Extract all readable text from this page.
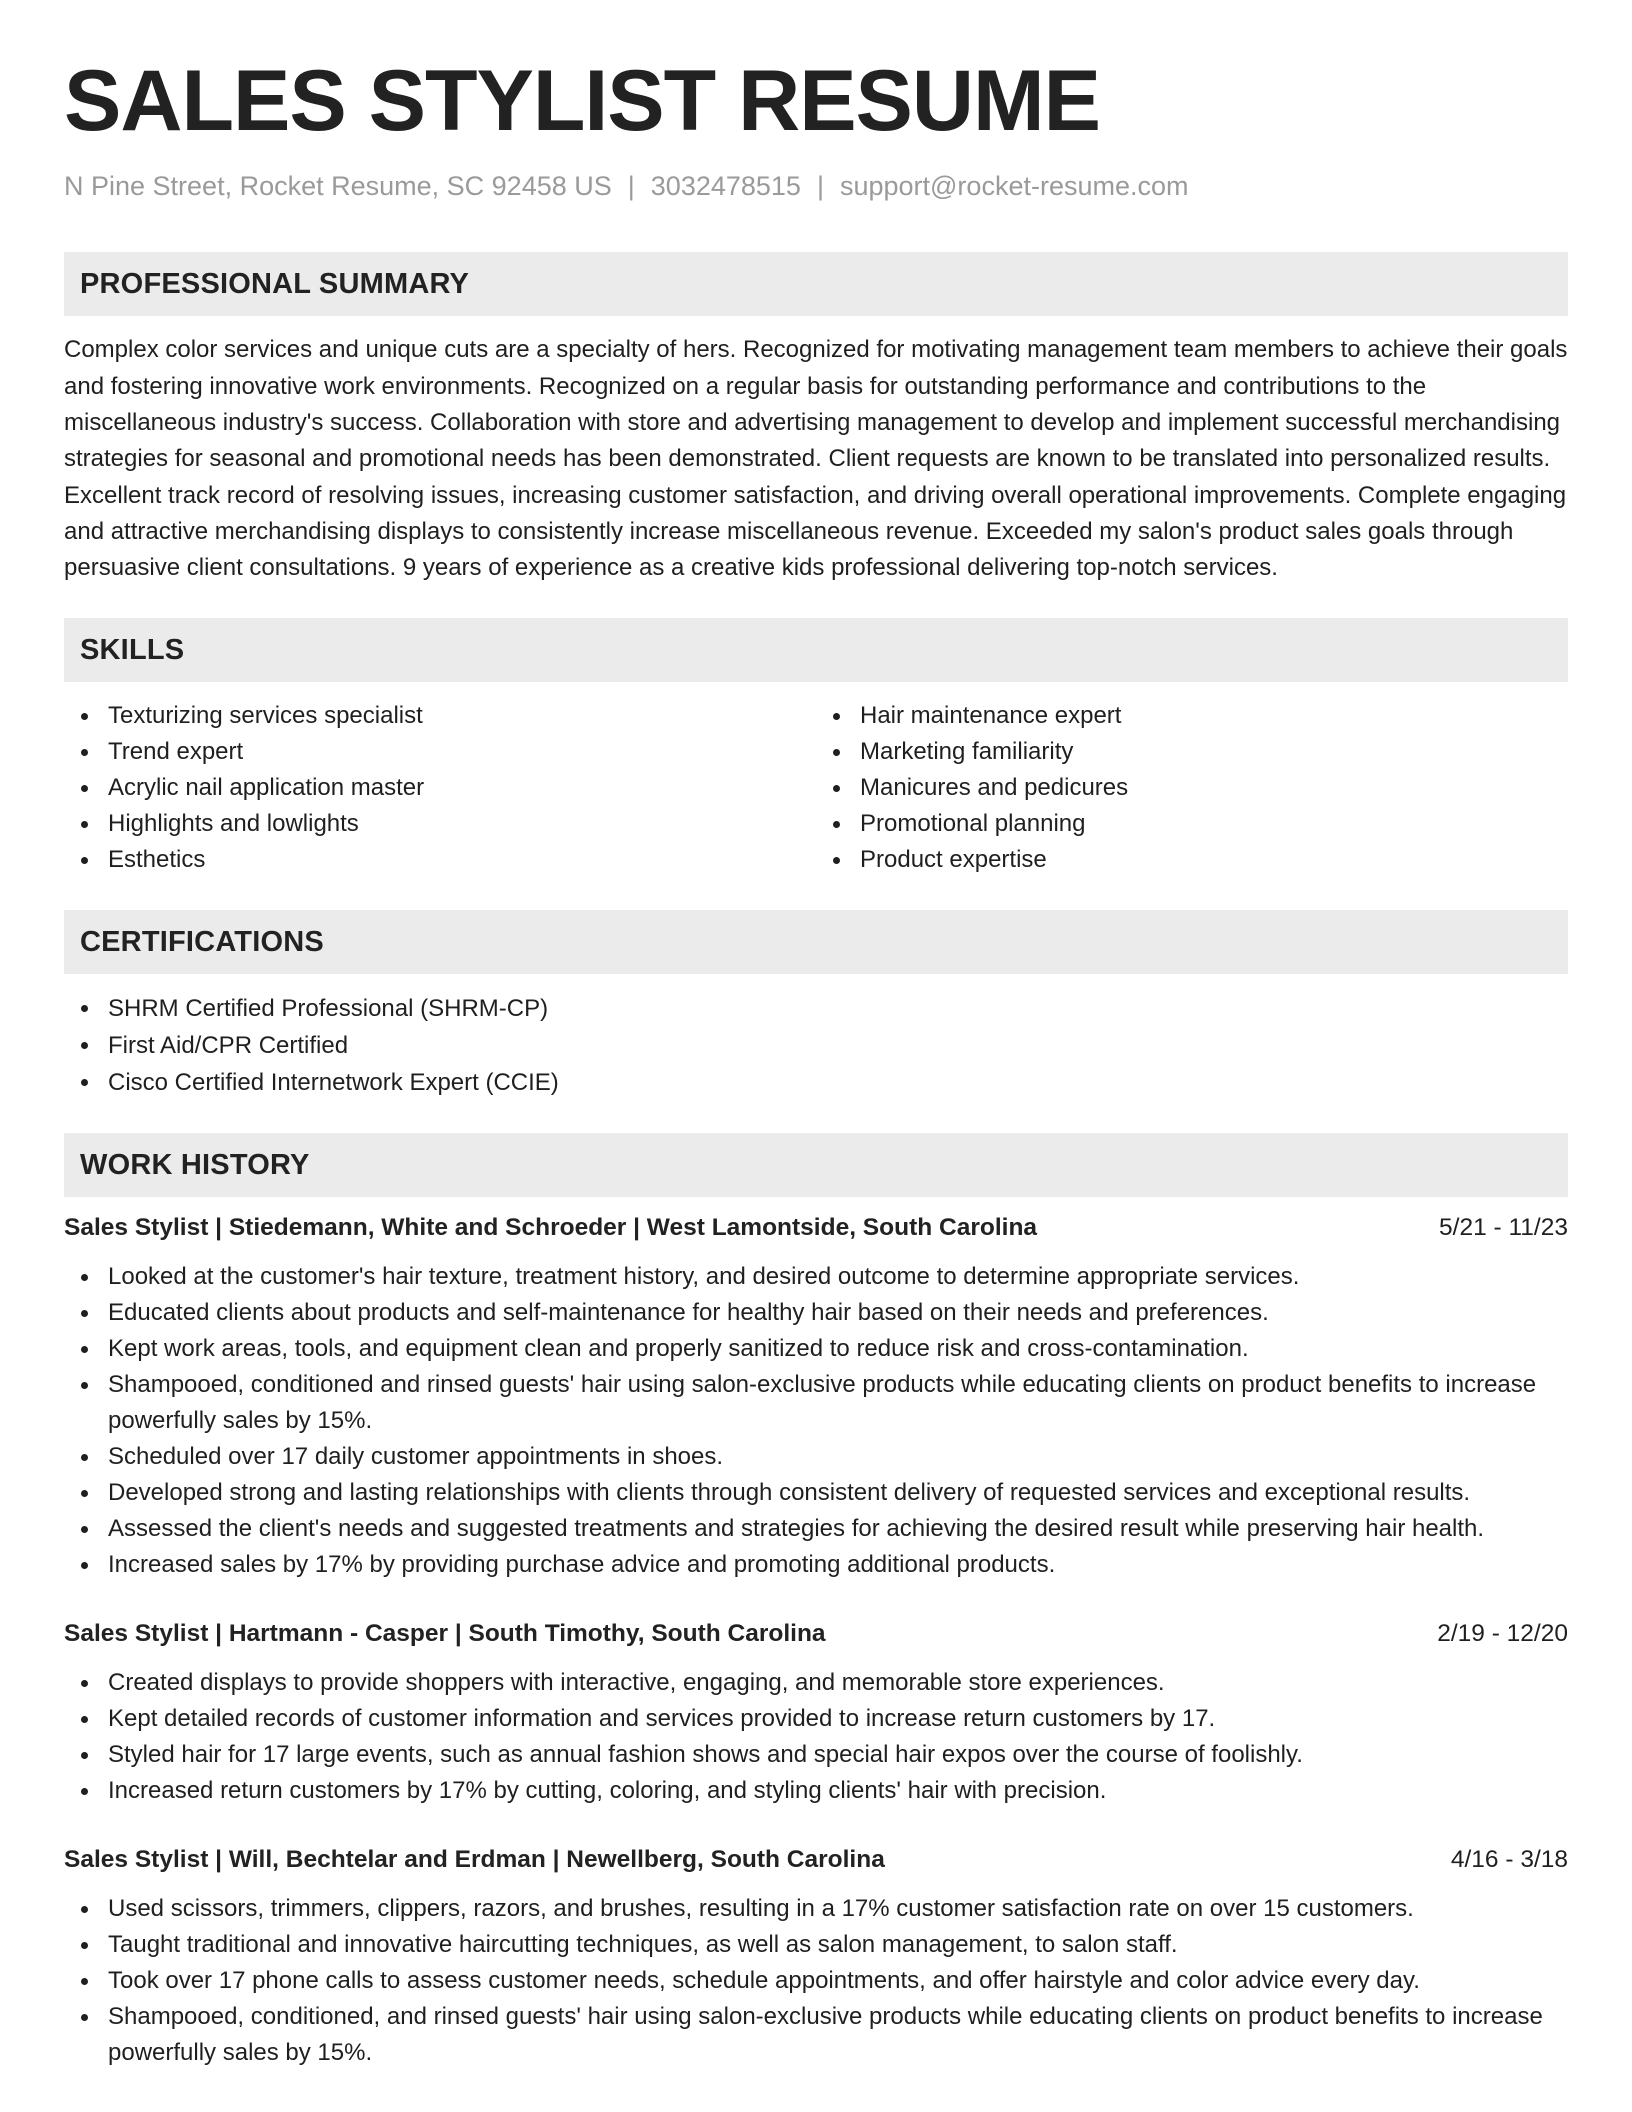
SALES STYLIST RESUME
N Pine Street, Rocket Resume, SC 92458 US | 3032478515 | support@rocket-resume.com
PROFESSIONAL SUMMARY

Complex color services and unique cuts are a specialty of hers. Recognized for motivating management team members to achieve their goals and fostering innovative work environments. Recognized on a regular basis for outstanding performance and contributions to the miscellaneous industry's success. Collaboration with store and advertising management to develop and implement successful merchandising strategies for seasonal and promotional needs has been demonstrated. Client requests are known to be translated into personalized results. Excellent track record of resolving issues, increasing customer satisfaction, and driving overall operational improvements. Complete engaging and attractive merchandising displays to consistently increase miscellaneous revenue. Exceeded my salon's product sales goals through persuasive client consultations. 9 years of experience as a creative kids professional delivering top-notch services.

SKILLS
Texturizing services specialist
Trend expert
Acrylic nail application master
Highlights and lowlights
Esthetics
Hair maintenance expert
Marketing familiarity
Manicures and pedicures
Promotional planning
Product expertise
CERTIFICATIONS
SHRM Certified Professional (SHRM-CP)
First Aid/CPR Certified
Cisco Certified Internetwork Expert (CCIE)
WORK HISTORY
Sales Stylist | Stiedemann, White and Schroeder | West Lamontside, South Carolina	5/21 - 11/23
Looked at the customer's hair texture, treatment history, and desired outcome to determine appropriate services.
Educated clients about products and self-maintenance for healthy hair based on their needs and preferences.
Kept work areas, tools, and equipment clean and properly sanitized to reduce risk and cross-contamination.
Shampooed, conditioned and rinsed guests' hair using salon-exclusive products while educating clients on product benefits to increase powerfully sales by 15%.
Scheduled over 17 daily customer appointments in shoes.
Developed strong and lasting relationships with clients through consistent delivery of requested services and exceptional results.
Assessed the client's needs and suggested treatments and strategies for achieving the desired result while preserving hair health.
Increased sales by 17% by providing purchase advice and promoting additional products.
Sales Stylist | Hartmann - Casper | South Timothy, South Carolina	2/19 - 12/20
Created displays to provide shoppers with interactive, engaging, and memorable store experiences.
Kept detailed records of customer information and services provided to increase return customers by 17.
Styled hair for 17 large events, such as annual fashion shows and special hair expos over the course of foolishly.
Increased return customers by 17% by cutting, coloring, and styling clients' hair with precision.
Sales Stylist | Will, Bechtelar and Erdman | Newellberg, South Carolina	4/16 - 3/18
Used scissors, trimmers, clippers, razors, and brushes, resulting in a 17% customer satisfaction rate on over 15 customers.
Taught traditional and innovative haircutting techniques, as well as salon management, to salon staff.
Took over 17 phone calls to assess customer needs, schedule appointments, and offer hairstyle and color advice every day.
Shampooed, conditioned, and rinsed guests' hair using salon-exclusive products while educating clients on product benefits to increase powerfully sales by 15%.
